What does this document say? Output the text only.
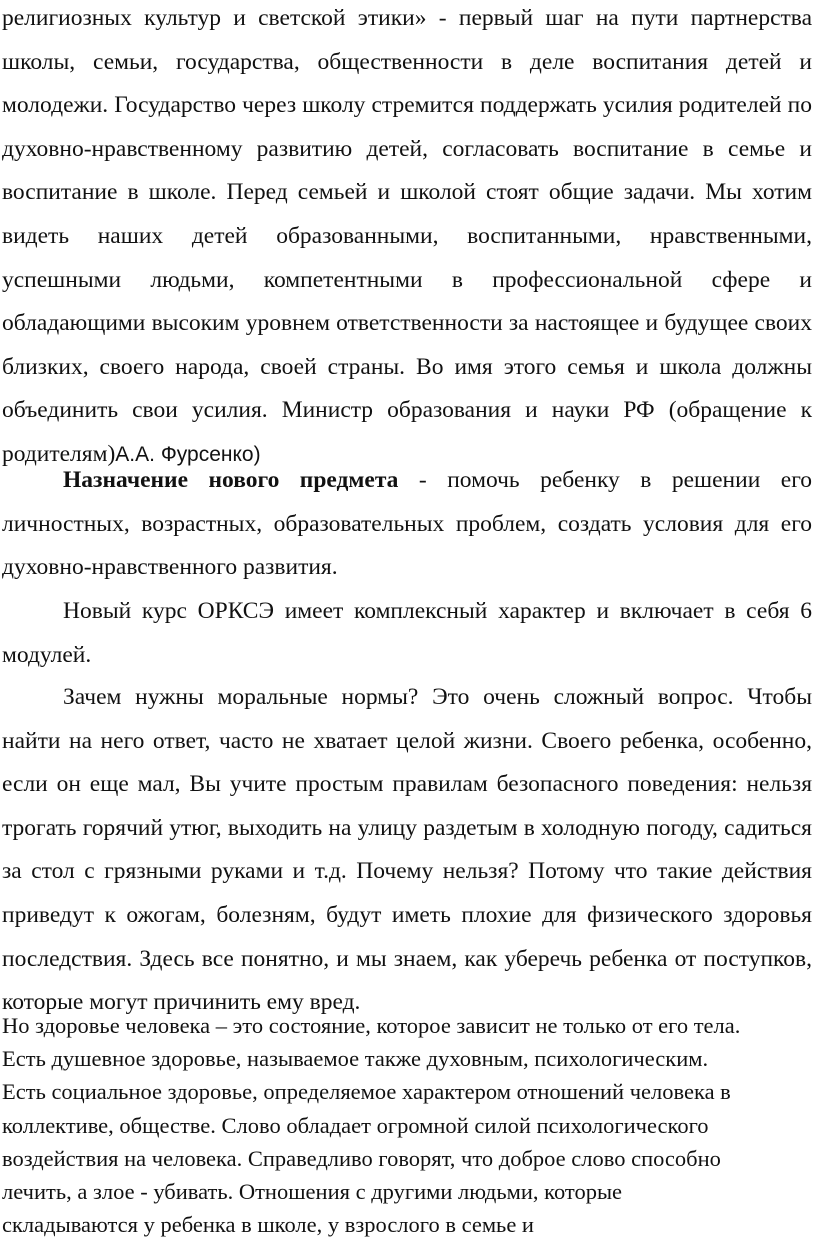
религиозных культур и светской этики» - первый шаг на пути партнерства школы, семьи, государства, общественности в деле воспитания детей и молодежи. Государство через школу стремится поддержать усилия родителей по духовно-нравственному развитию детей, согласовать воспитание в семье и воспитание в школе. Перед семьей и школой стоят общие задачи. Мы хотим видеть наших детей образованными, воспитанными, нравственными, успешными людьми, компетентными в профессиональной сфере и обладающими высоким уровнем ответственности за настоящее и будущее своих близких, своего народа, своей страны. Во имя этого семья и школа должны объединить свои усилия. Министр образования и науки РФ (обращение к родителям)А.А. Фурсенко)

Назначение нового предмета - помочь ребенку в решении его личностных, возрастных, образовательных проблем, создать условия для его духовно-нравственного развития.

Новый курс ОРКСЭ имеет комплексный характер и включает в себя 6 модулей.

Зачем нужны моральные нормы? Это очень сложный вопрос. Чтобы найти на него ответ, часто не хватает целой жизни. Своего ребенка, особенно, если он еще мал, Вы учите простым правилам безопасного поведения: нельзя трогать горячий утюг, выходить на улицу раздетым в холодную погоду, садиться за стол с грязными руками и т.д. Почему нельзя? Потому что такие действия приведут к ожогам, болезням, будут иметь плохие для физического здоровья последствия. Здесь все понятно, и мы знаем, как уберечь ребенка от поступков, которые могут причинить ему вред.

Но здоровье человека – это состояние, которое зависит не только от его тела.
Есть душевное здоровье, называемое также духовным, психологическим.
Есть социальное здоровье, определяемое характером отношений человека в
коллективе, обществе. Слово обладает огромной силой психологического
воздействия на человека. Справедливо говорят, что доброе слово способно
лечить, а злое - убивать. Отношения с другими людьми, которые
складываются у ребенка в школе, у взрослого в семье и
